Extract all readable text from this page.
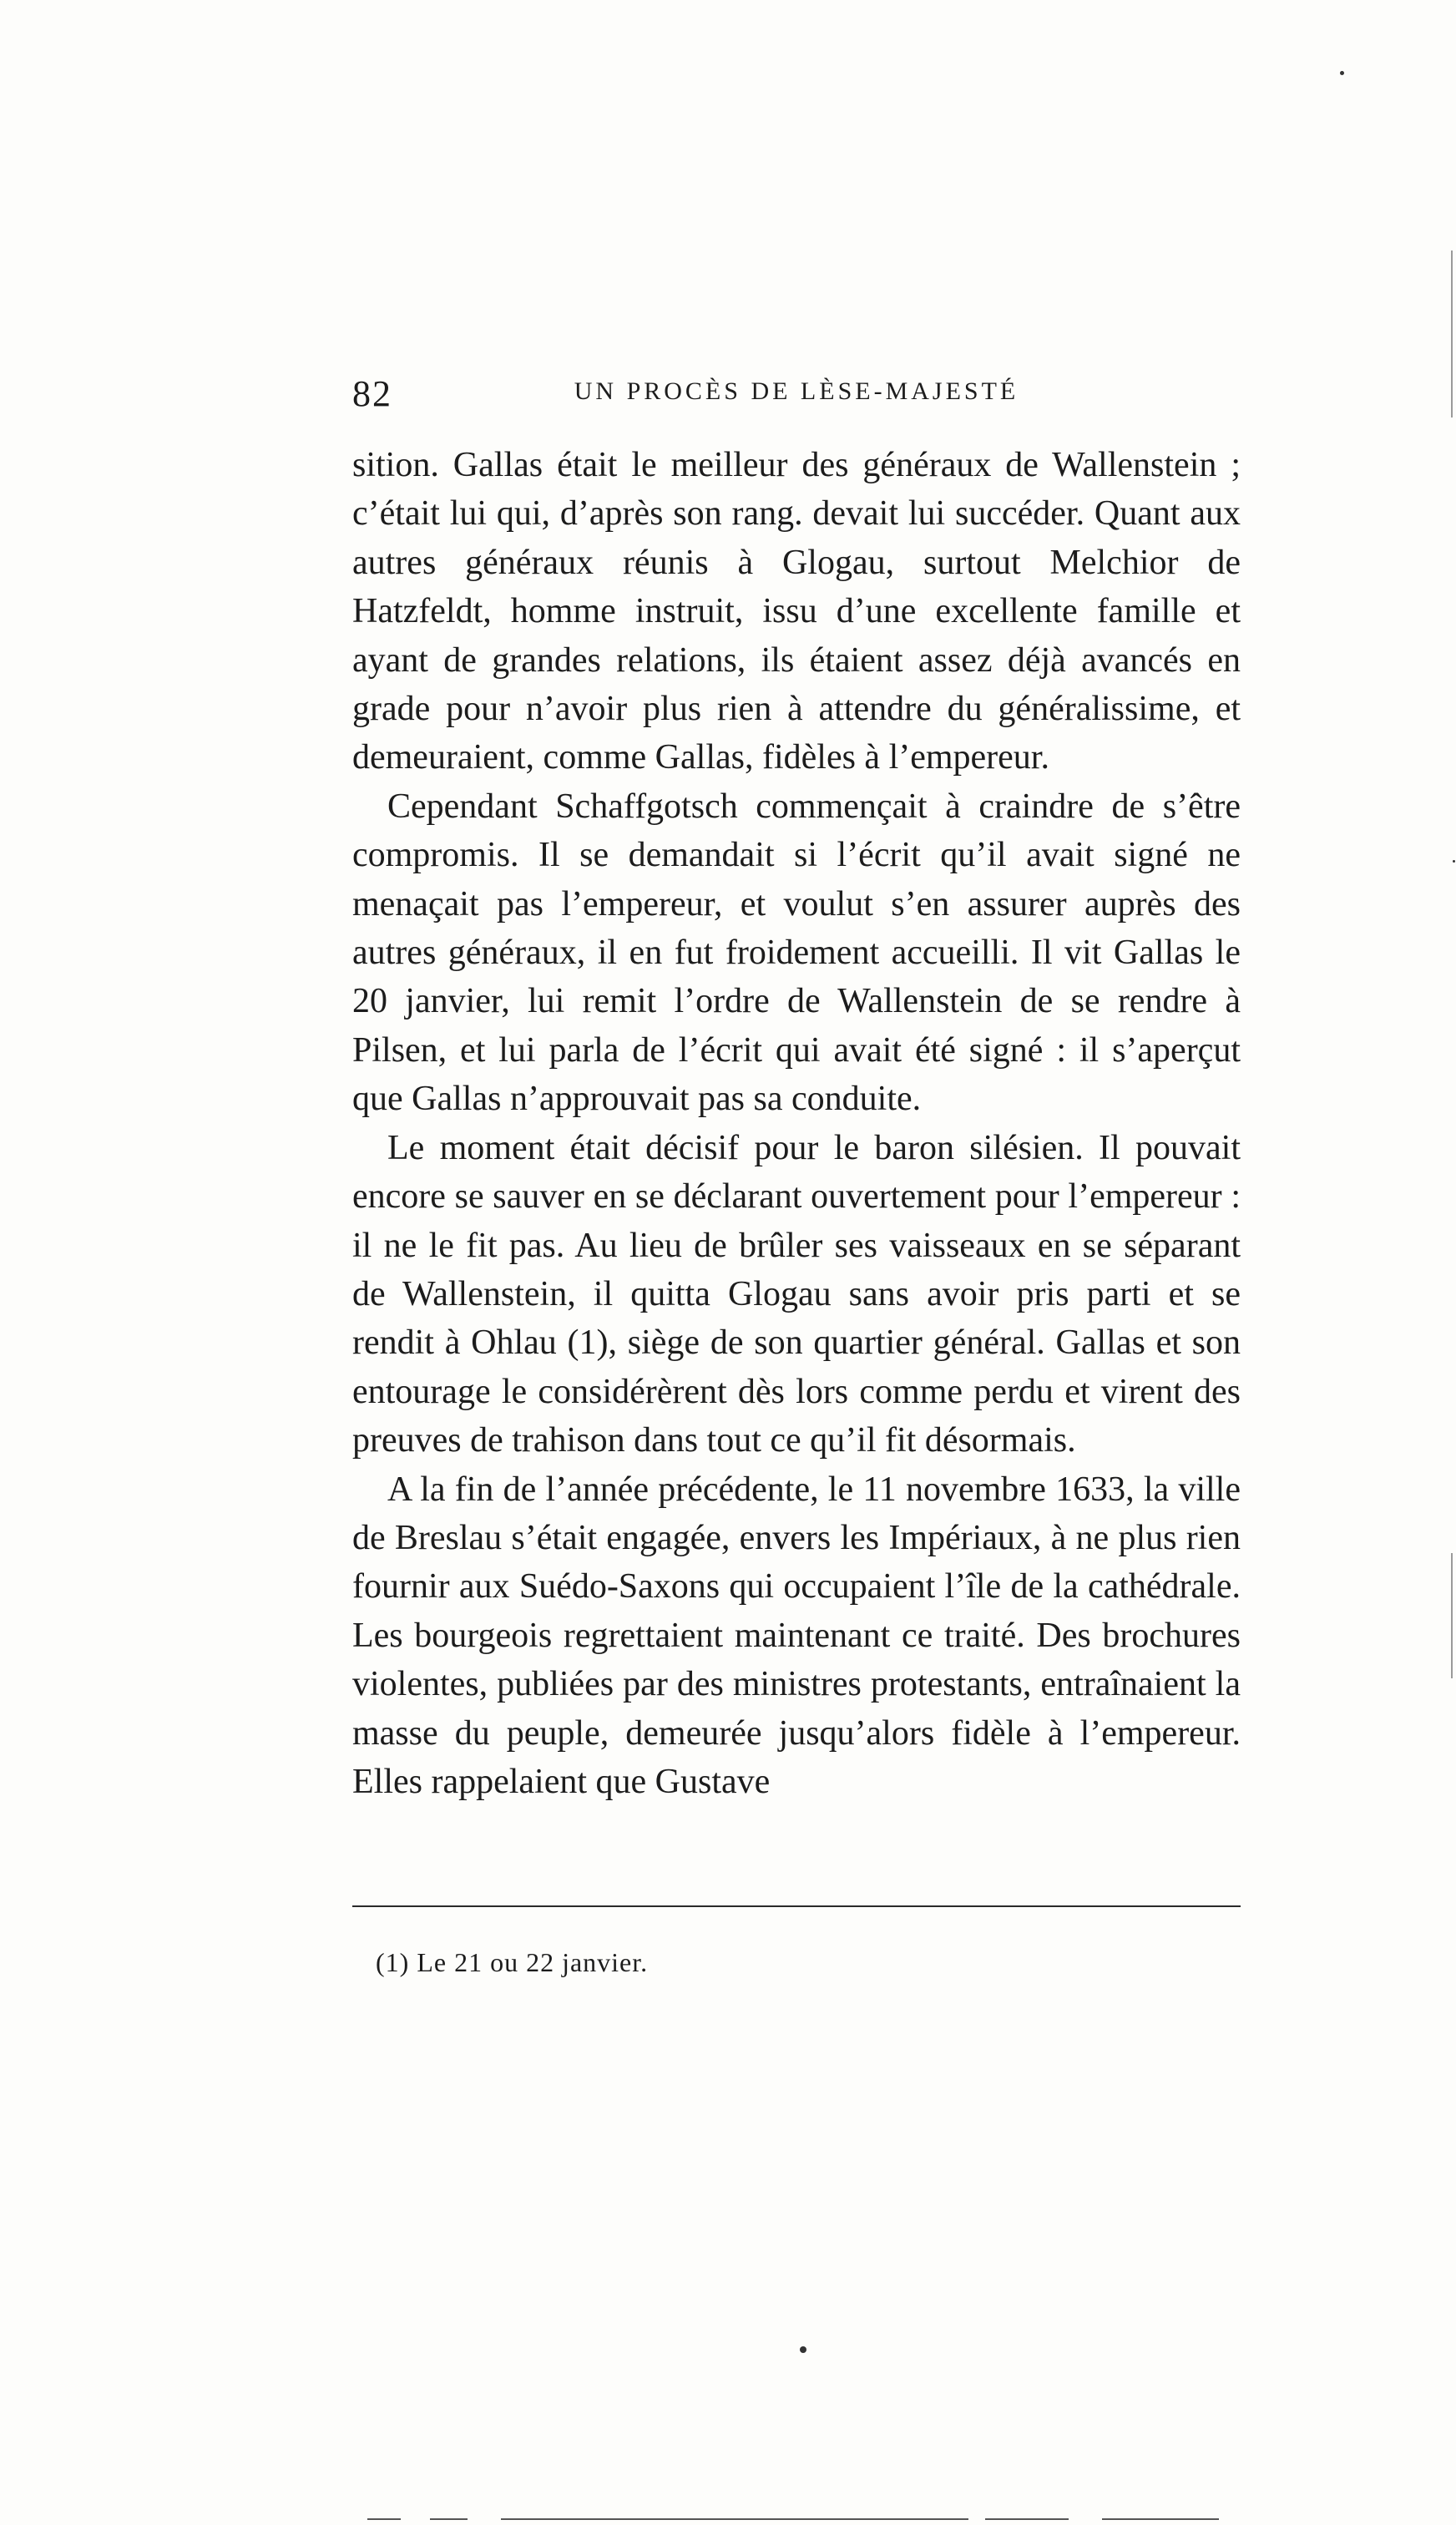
82	UN PROCÈS DE LÈSE-MAJESTÉ

sition. Gallas était le meilleur des généraux de Wallenstein ; c’était lui qui, d’après son rang. devait lui succéder. Quant aux autres généraux réunis à Glogau, surtout Melchior de Hatzfeldt, homme instruit, issu d’une excellente famille et ayant de grandes relations, ils étaient assez déjà avancés en grade pour n’avoir plus rien à attendre du généralissime, et demeuraient, comme Gallas, fidèles à l’empereur.

Cependant Schaffgotsch commençait à craindre de s’être compromis. Il se demandait si l’écrit qu’il avait signé ne menaçait pas l’empereur, et voulut s’en assurer auprès des autres généraux, il en fut froidement accueilli. Il vit Gallas le 20 janvier, lui remit l’ordre de Wallenstein de se rendre à Pilsen, et lui parla de l’écrit qui avait été signé : il s’aperçut que Gallas n’approuvait pas sa conduite.

Le moment était décisif pour le baron silésien. Il pouvait encore se sauver en se déclarant ouvertement pour l’empereur : il ne le fit pas. Au lieu de brûler ses vaisseaux en se séparant de Wallenstein, il quitta Glogau sans avoir pris parti et se rendit à Ohlau (1), siège de son quartier général. Gallas et son entourage le considérèrent dès lors comme perdu et virent des preuves de trahison dans tout ce qu’il fit désormais.

A la fin de l’année précédente, le 11 novembre 1633, la ville de Breslau s’était engagée, envers les Impériaux, à ne plus rien fournir aux Suédo-Saxons qui occupaient l’île de la cathédrale. Les bourgeois regrettaient maintenant ce traité. Des brochures violentes, publiées par des ministres protestants, entraînaient la masse du peuple, demeurée jusqu’alors fidèle à l’empereur. Elles rappelaient que Gustave

(1) Le 21 ou 22 janvier.
